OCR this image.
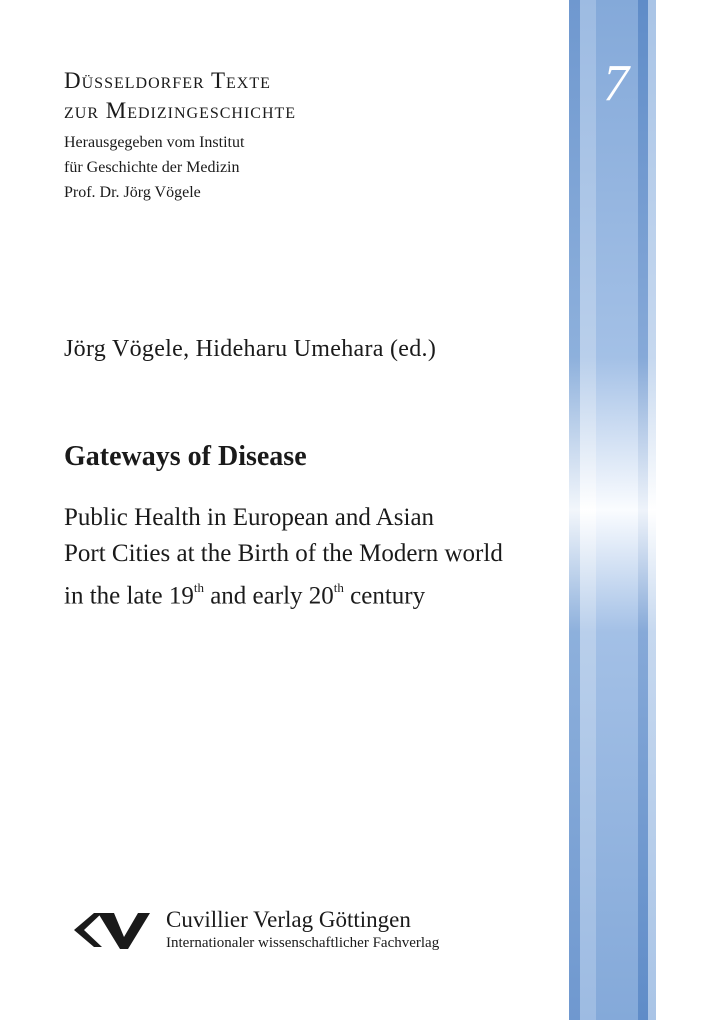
7
Düsseldorfer Texte
zur Medizingeschichte
Herausgegeben vom Institut
für Geschichte der Medizin
Prof. Dr. Jörg Vögele
Jörg Vögele, Hideharu Umehara (ed.)
Gateways of Disease
Public Health in European and Asian
Port Cities at the Birth of the Modern world
in the late 19th and early 20th century
Cuvillier Verlag Göttingen
Internationaler wissenschaftlicher Fachverlag
